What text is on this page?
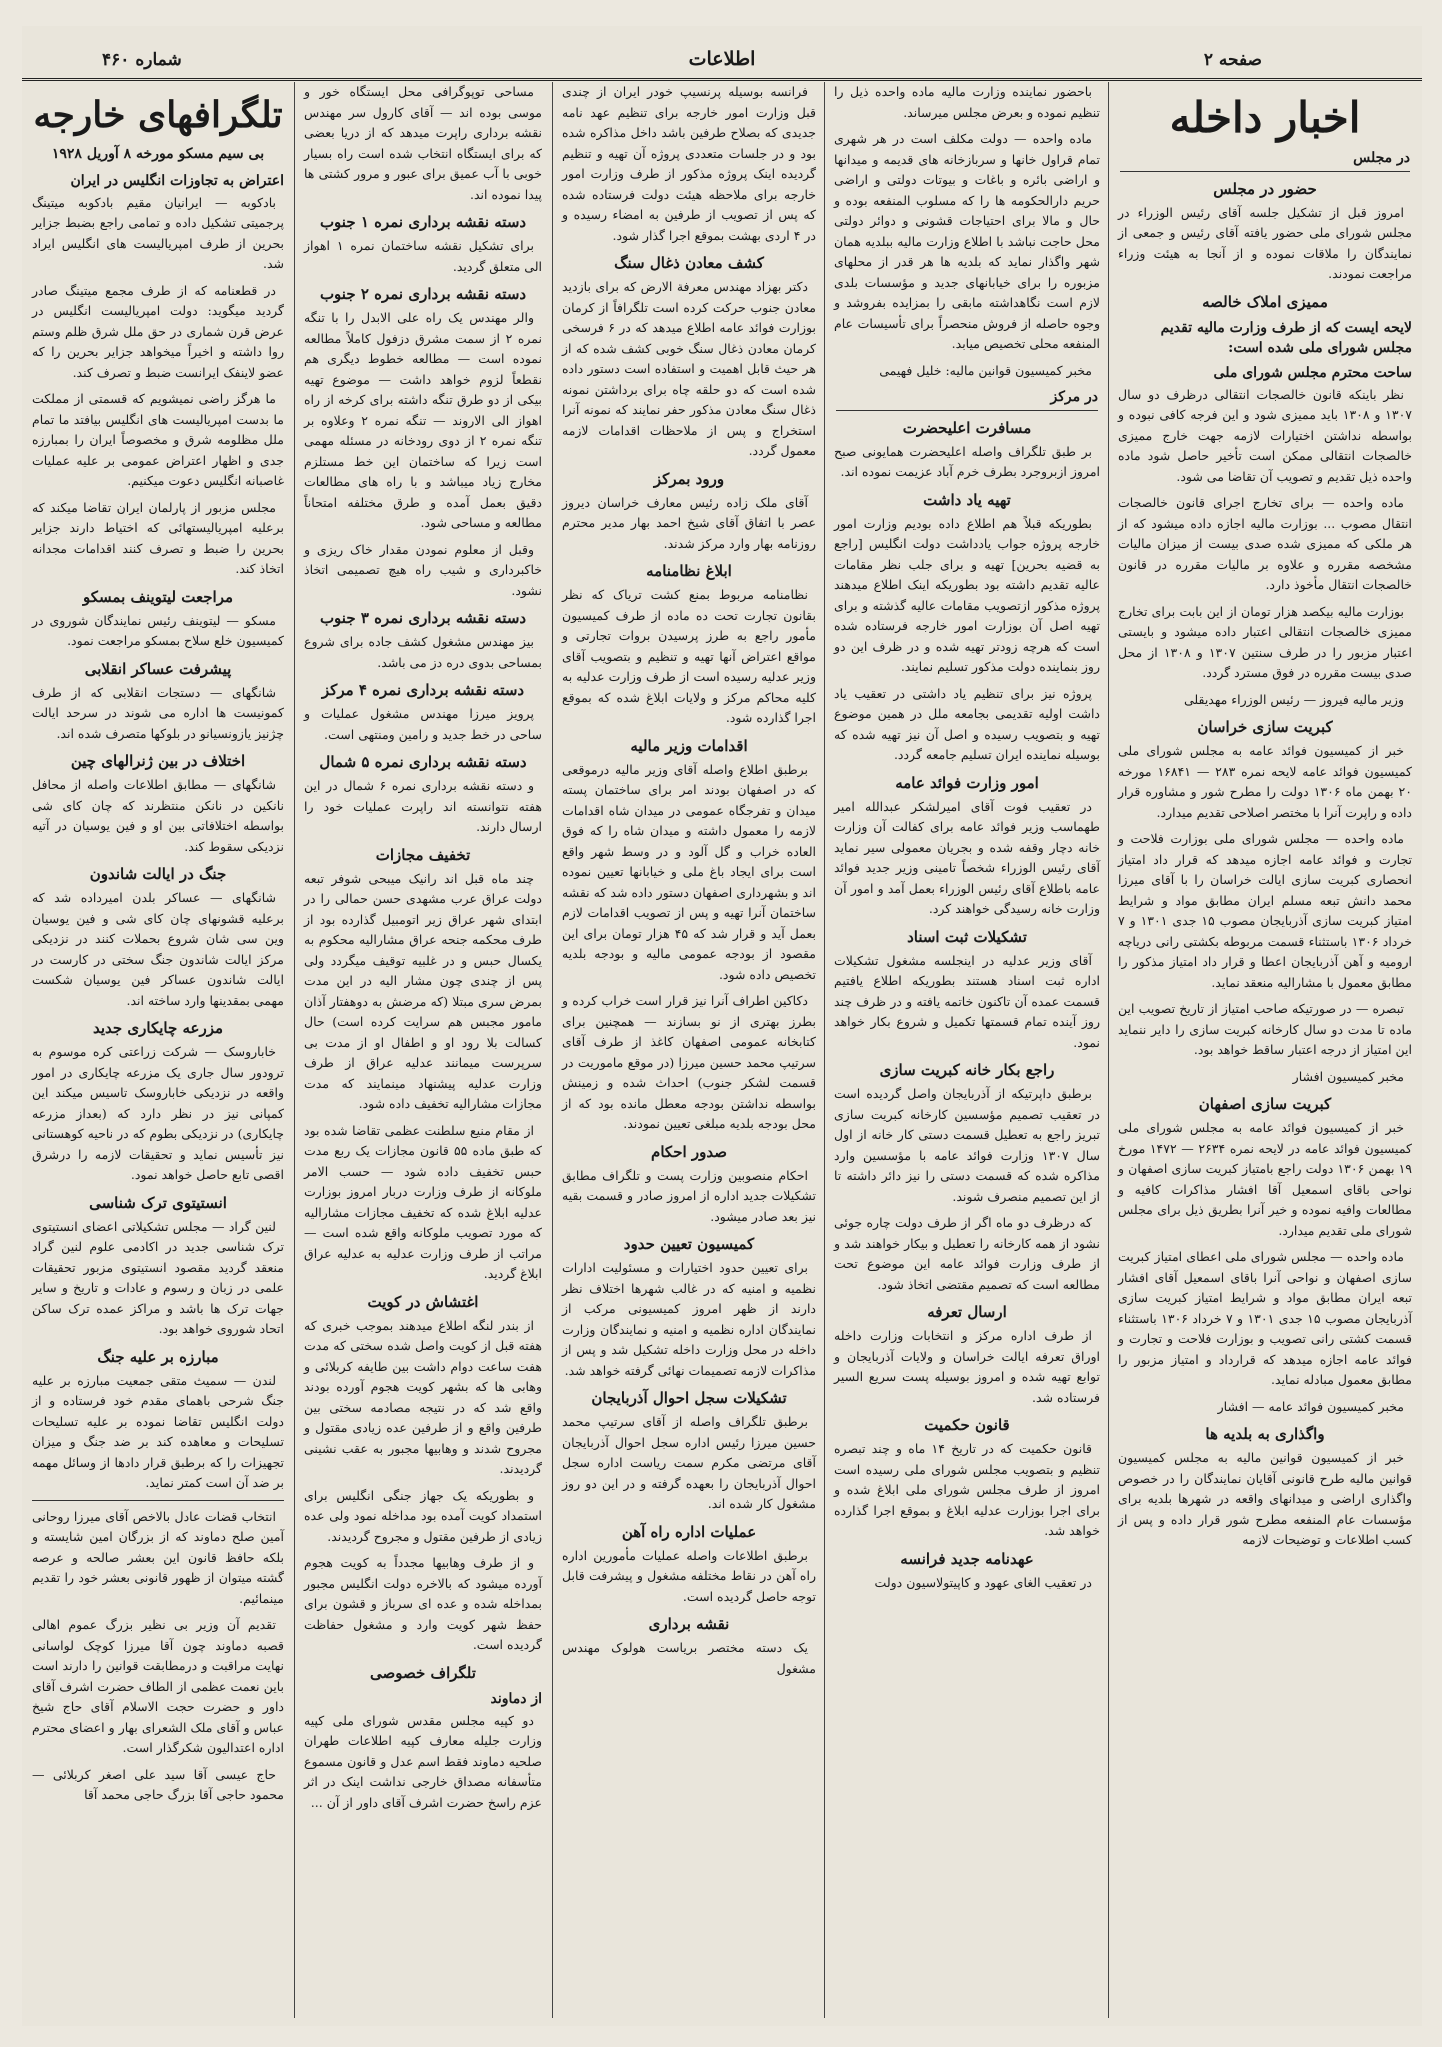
شماره ۴۶۰	اطلاعات	صفحه ۲
اخبار داخله
در مجلس
حضور در مجلس

امروز قبل از تشکیل جلسه آقای رئیس الوزراء در مجلس شورای ملی حضور یافته آقای رئیس و جمعی از نمایندگان را ملاقات نموده و از آنجا به هیئت وزراء مراجعت نمودند.

ممیزی املاک خالصه
لایحه ایست که از طرف وزارت مالیه تقدیم مجلس شورای ملی شده است:
ساحت محترم مجلس شورای ملی

نظر باینکه قانون خالصجات انتقالی درظرف دو سال ۱۳۰۷ و ۱۳۰۸ باید ممیزی شود و این فرجه کافی نبوده و بواسطه نداشتن اختیارات لازمه جهت خارج ممیزی خالصجات انتقالی ممکن است تأخیر حاصل شود ماده واحده ذیل تقدیم و تصویب آن تقاضا می شود.

ماده واحده — برای تخارج اجرای قانون خالصجات انتقال مصوب ... بوزارت مالیه اجازه داده میشود که از هر ملکی که ممیزی شده صدی بیست از میزان مالیات مشخصه مقرره و علاوه بر مالیات مقرره در قانون خالصجات انتقال مأخوذ دارد.

بوزارت مالیه بیکصد هزار تومان از این بابت برای تخارج ممیزی خالصجات انتقالی اعتبار داده میشود و بایستی اعتبار مزبور را در طرف سنتین ۱۳۰۷ و ۱۳۰۸ از محل صدی بیست مقرره در فوق مسترد گردد.

وزیر مالیه فیروز — رئیس الوزراء مهدیقلی

کبریت سازی خراسان

خبر از کمیسیون فوائد عامه به مجلس شورای ملی کمیسیون فوائد عامه لایحه نمره ۲۸۳ — ۱۶۸۴۱ مورخه ۲۰ بهمن ماه ۱۳۰۶ دولت را مطرح شور و مشاوره قرار داده و راپرت آنرا با مختصر اصلاحی تقدیم میدارد.

ماده واحده — مجلس شورای ملی بوزارت فلاحت و تجارت و فوائد عامه اجازه میدهد که قرار داد امتیاز انحصاری کبریت سازی ایالت خراسان را با آقای میرزا محمد دانش تبعه مسلم ایران مطابق مواد و شرایط امتیاز کبریت سازی آذربایجان مصوب ۱۵ جدی ۱۳۰۱ و ۷ خرداد ۱۳۰۶ باستثناء قسمت مربوطه بکشتی رانی دریاچه ارومیه و آهن آذربایجان اعطا و قرار داد امتیاز مذکور را مطابق معمول با مشارالیه منعقد نماید.

تبصره — در صورتیکه صاحب امتیاز از تاریخ تصویب این ماده تا مدت دو سال کارخانه کبریت سازی را دایر ننماید این امتیاز از درجه اعتبار ساقط خواهد بود.

مخبر کمیسیون افشار

کبریت سازی اصفهان

خبر از کمیسیون فوائد عامه به مجلس شورای ملی کمیسیون فوائد عامه در لایحه نمره ۲۶۳۴ — ۱۴۷۲ مورخ ۱۹ بهمن ۱۳۰۶ دولت راجع بامتیاز کبریت سازی اصفهان و نواحی باقای اسمعیل آقا افشار مذاکرات کافیه و مطالعات وافیه نموده و خیر آنرا بطریق ذیل برای مجلس شورای ملی تقدیم میدارد.

ماده واحده — مجلس شورای ملی اعطای امتیاز کبریت سازی اصفهان و نواحی آنرا باقای اسمعیل آقای افشار تبعه ایران مطابق مواد و شرایط امتیاز کبریت سازی آذربایجان مصوب ۱۵ جدی ۱۳۰۱ و ۷ خرداد ۱۳۰۶ باستثناء قسمت کشتی رانی تصویب و بوزارت فلاحت و تجارت و فوائد عامه اجازه میدهد که قرارداد و امتیاز مزبور را مطابق معمول مبادله نماید.

مخبر کمیسیون فوائد عامه — افشار

واگذاری به بلدیه ها

خبر از کمیسیون قوانین مالیه به مجلس کمیسیون قوانین مالیه طرح قانونی آقایان نمایندگان را در خصوص واگذاری اراضی و میدانهای واقعه در شهرها بلدیه برای مؤسسات عام المنفعه مطرح شور قرار داده و پس از کسب اطلاعات و توضیحات لازمه

باحضور نماینده وزارت مالیه ماده واحده ذیل را تنظیم نموده و بعرض مجلس میرساند.

ماده واحده — دولت مکلف است در هر شهری تمام قراول خانها و سربازخانه های قدیمه و میدانها و اراضی بائره و باغات و بیوتات دولتی و اراضی حریم دارالحکومه ها را که مسلوب المنفعه بوده و حال و مالا برای احتیاجات قشونی و دوائر دولتی محل حاجت نباشد با اطلاع وزارت مالیه ببلدیه همان شهر واگذار نماید که بلدیه ها هر قدر از محلهای مزبوره را برای خیابانهای جدید و مؤسسات بلدی لازم است نگاهداشته مابقی را بمزایده بفروشد و وجوه حاصله از فروش منحصراً برای تأسیسات عام المنفعه محلی تخصیص میابد.

مخبر کمیسیون قوانین مالیه: خلیل فهیمی

در مرکز
مسافرت اعلیحضرت

بر طبق تلگراف واصله اعلیحضرت همایونی صبح امروز ازبروجرد بطرف خرم آباد عزیمت نموده اند.

تهیه یاد داشت

بطوریکه قبلاً هم اطلاع داده بودیم وزارت امور خارجه پروژه جواب یادداشت دولت انگلیس [راجع به قضیه بحرین] تهیه و برای جلب نظر مقامات عالیه تقدیم داشته بود بطوریکه اینک اطلاع میدهند پروژه مذکور ازتصویب مقامات عالیه گذشته و برای تهیه اصل آن بوزارت امور خارجه فرستاده شده است که هرچه زودتر تهیه شده و در ظرف این دو روز بنماینده دولت مذکور تسلیم نمایند.

پروژه نیز برای تنظیم یاد داشتی در تعقیب یاد داشت اولیه تقدیمی بجامعه ملل در همین موضوع تهیه و بتصویب رسیده و اصل آن نیز تهیه شده که بوسیله نماینده ایران تسلیم جامعه گردد.

امور وزارت فوائد عامه

در تعقیب فوت آقای امیرلشکر عبدالله امیر طهماسب وزیر فوائد عامه برای کفالت آن وزارت خانه دچار وقفه شده و بجریان معمولی سیر نماید آقای رئیس الوزراء شخصاً تامینی وزیر جدید فوائد عامه باطلاع آقای رئیس الوزراء بعمل آمد و امور آن وزارت خانه رسیدگی خواهند کرد.

تشکیلات ثبت اسناد

آقای وزیر عدلیه در اینجلسه مشغول تشکیلات اداره ثبت اسناد هستند بطوریکه اطلاع یافتیم قسمت عمده آن تاکنون خاتمه یافته و در ظرف چند روز آینده تمام قسمتها تکمیل و شروع بکار خواهد نمود.

راجع بکار خانه کبریت سازی

برطبق داپرتیکه از آذربایجان واصل گردیده است در تعقیب تصمیم مؤسسین کارخانه کبریت سازی تبریز راجع به تعطیل قسمت دستی کار خانه از اول سال ۱۳۰۷ وزارت فوائد عامه با مؤسسین وارد مذاکره شده که قسمت دستی را نیز دائر داشته تا از این تصمیم منصرف شوند.

که درظرف دو ماه اگر از طرف دولت چاره جوئی نشود از همه کارخانه را تعطیل و بیکار خواهند شد و از طرف وزارت فوائد عامه این موضوع تحت مطالعه است که تصمیم مقتضی اتخاذ شود.

ارسال تعرفه

از طرف اداره مرکز و انتخابات وزارت داخله اوراق تعرفه ایالت خراسان و ولایات آذربایجان و توابع تهیه شده و امروز بوسیله پست سریع السیر فرستاده شد.

قانون حکمیت

قانون حکمیت که در تاریخ ۱۴ ماه و چند تبصره تنظیم و بتصویب مجلس شورای ملی رسیده است امروز از طرف مجلس شورای ملی ابلاغ شده و برای اجرا بوزارت عدلیه ابلاغ و بموقع اجرا گذارده خواهد شد.

عهدنامه جدید فرانسه

در تعقیب الغای عهود و کاپیتولاسیون دولت

فرانسه بوسیله پرنسیپ خودر ایران از چندی قبل وزارت امور خارجه برای تنظیم عهد نامه جدیدی که بصلاح طرفین باشد داخل مذاکره شده بود و در جلسات متعددی پروژه آن تهیه و تنظیم گردیده اینک پروژه مذکور از طرف وزارت امور خارجه برای ملاحظه هیئت دولت فرستاده شده که پس از تصویب از طرفین به امضاء رسیده و در ۴ اردی بهشت بموقع اجرا گذار شود.

کشف معادن ذغال سنگ

دکتر بهزاد مهندس معرفة الارض که برای بازدید معادن جنوب حرکت کرده است تلگرافاً از کرمان بوزارت فوائد عامه اطلاع میدهد که در ۶ فرسخی کرمان معادن ذغال سنگ خوبی کشف شده که از هر حیث قابل اهمیت و استفاده است دستور داده شده است که دو حلقه چاه برای برداشتن نمونه ذغال سنگ معادن مذکور حفر نمایند که نمونه آنرا استخراج و پس از ملاحظات اقدامات لازمه معمول گردد.

ورود بمرکز

آقای ملک زاده رئیس معارف خراسان دیروز عصر با اتفاق آقای شیخ احمد بهار مدیر محترم روزنامه بهار وارد مرکز شدند.

ابلاغ نظامنامه

نظامنامه مربوط بمنع کشت تریاک که نظر بقانون تجارت تحت ده ماده از طرف کمیسیون مأمور راجع به طرز پرسیدن بروات تجارتی و مواقع اعتراض آنها تهیه و تنظیم و بتصویب آقای وزیر عدلیه رسیده است از طرف وزارت عدلیه به کلیه محاکم مرکز و ولایات ابلاغ شده که بموقع اجرا گذارده شود.

اقدامات وزیر مالیه

برطبق اطلاع واصله آقای وزیر مالیه درموقعی که در اصفهان بودند امر برای ساختمان پسته میدان و تفرجگاه عمومی در میدان شاه اقدامات لازمه را معمول داشته و میدان شاه را که فوق العاده خراب و گل آلود و در وسط شهر واقع است برای ایجاد باغ ملی و خیابانها تعیین نموده اند و بشهرداری اصفهان دستور داده شد که نقشه ساختمان آنرا تهیه و پس از تصویب اقدامات لازم بعمل آید و قرار شد که ۴۵ هزار تومان برای این مقصود از بودجه عمومی مالیه و بودجه بلدیه تخصیص داده شود.

دکاکین اطراف آنرا نیز قرار است خراب کرده و بطرز بهتری از نو بسازند — همچنین برای کتابخانه عمومی اصفهان کاغذ از طرف آقای سرتیپ محمد حسین میرزا (در موقع ماموریت در قسمت لشکر جنوب) احداث شده و زمینش بواسطه نداشتن بودجه معطل مانده بود که از محل بودجه بلدیه مبلغی تعیین نمودند.

صدور احکام

احکام منصوبین وزارت پست و تلگراف مطابق تشکیلات جدید اداره از امروز صادر و قسمت بقیه نیز بعد صادر میشود.

کمیسیون تعیین حدود

برای تعیین حدود اختیارات و مسئولیت ادارات نظمیه و امنیه که در غالب شهرها اختلاف نظر دارند از ظهر امروز کمیسیونی مرکب از نمایندگان اداره نظمیه و امنیه و نمایندگان وزارت داخله در محل وزارت داخله تشکیل شد و پس از مذاکرات لازمه تصمیمات نهائی گرفته خواهد شد.

تشکیلات سجل احوال آذربایجان

برطبق تلگراف واصله از آقای سرتیپ محمد حسین میرزا رئیس اداره سجل احوال آذربایجان آقای مرتضی مکرم سمت ریاست اداره سجل احوال آذربایجان را بعهده گرفته و در این دو روز مشغول کار شده اند.

عملیات اداره راه آهن

برطبق اطلاعات واصله عملیات مأمورین اداره راه آهن در نقاط مختلفه مشغول و پیشرفت قابل توجه حاصل گردیده است.

نقشه برداری

یک دسته مختصر بریاست هولوک مهندس مشغول

مساحی توپوگرافی محل ایستگاه خور و موسی بوده اند — آقای کارول سر مهندس نقشه برداری راپرت میدهد که از دریا بعضی که برای ایستگاه انتخاب شده است راه بسیار خوبی با آب عمیق برای عبور و مرور کشتی ها پیدا نموده اند.

دسته نقشه برداری نمره ۱ جنوب

برای تشکیل نقشه ساختمان نمره ۱ اهواز الی متعلق گردید.

دسته نقشه برداری نمره ۲ جنوب

والر مهندس یک راه علی الابدل را با تنگه نمره ۲ از سمت مشرق دزفول کاملاً مطالعه نموده است — مطالعه خطوط دیگری هم نقطعاً لزوم خواهد داشت — موضوع تهیه بیکی از دو طرق تنگه داشته برای کرخه از راه اهواز الی الاروند — تنگه نمره ۲ وعلاوه بر تنگه نمره ۲ از دوی رودخانه در مسئله مهمی است زیرا که ساختمان این خط مستلزم مخارج زیاد میباشد و با راه های مطالعات دقیق بعمل آمده و طرق مختلفه امتحاناً مطالعه و مساحی شود.

وقبل از معلوم نمودن مقدار خاک ریزی و خاکبرداری و شیب راه هیچ تصمیمی اتخاذ نشود.

دسته نقشه برداری نمره ۳ جنوب

بیز مهندس مشغول کشف جاده برای شروع بمساحی بدوی دره دز می باشد.

دسته نقشه برداری نمره ۴ مرکز

پرویز میرزا مهندس مشغول عملیات و ساحی در خط جدید و رامین ومنتهی است.

دسته نقشه برداری نمره ۵ شمال

و دسته نقشه برداری نمره ۶ شمال در این هفته نتوانسته اند راپرت عملیات خود را ارسال دارند.

تخفیف مجازات

چند ماه قبل اند رانیک میبحی شوفر تبعه دولت عراق عرب مشهدی حسن حمالی را در ابتدای شهر عراق زیر اتومبیل گذارده بود از طرف محکمه جنحه عراق مشارالیه محکوم به یکسال حبس و در غلبیه توقیف میگردد ولی پس از چندی چون مشار الیه در این مدت بمرض سری مبتلا (که مرضش به دوهفتار آذان مامور مجبس هم سرایت کرده است) حال کسالت بلا رود او و اطفال او از مدت بی سرپرست میمانند عدلیه عراق از طرف وزارت عدلیه پیشنهاد مینمایند که مدت مجازات مشارالیه تخفیف داده شود.

از مقام منیع سلطنت عظمی تقاضا شده بود که طبق ماده ۵۵ قانون مجازات یک ربع مدت حبس تخفیف داده شود — حسب الامر ملوکانه از طرف وزارت دربار امروز بوزارت عدلیه ابلاغ شده که تخفیف مجازات مشارالیه که مورد تصویب ملوکانه واقع شده است — مراتب از طرف وزارت عدلیه به عدلیه عراق ابلاغ گردید.

اغتشاش در کویت

از بندر لنگه اطلاع میدهند بموجب خبری که هفته قبل از کویت واصل شده سختی که مدت هفت ساعت دوام داشت بین طایفه کربلائی و وهابی ها که بشهر کویت هجوم آورده بودند واقع شد که در نتیجه مصادمه سختی بین طرفین واقع و از طرفین عده زیادی مقتول و مجروح شدند و وهابیها مجبور به عقب نشینی گردیدند.

و بطوریکه یک جهاز جنگی انگلیس برای استمداد کویت آمده بود مداخله نمود ولی عده زیادی از طرفین مقتول و مجروح گردیدند.

و از طرف وهابیها مجدداً به کویت هجوم آورده میشود که بالاخره دولت انگلیس مجبور بمداخله شده و عده ای سرباز و قشون برای حفظ شهر کویت وارد و مشغول حفاظت گردیده است.

تلگراف خصوصی
از دماوند

دو کپیه مجلس مقدس شورای ملی کپیه وزارت جلیله معارف کپیه اطلاعات طهران صلحیه دماوند فقط اسم عدل و قانون مسموع متأسفانه مصداق خارجی نداشت اینک در اثر عزم راسخ حضرت اشرف آقای داور از آن ...

تلگرافهای خارجه
بی سیم مسکو مورخه ۸ آوریل ۱۹۲۸
اعتراض به تجاوزات انگلیس در ایران

بادکوبه — ایرانیان مقیم بادکوبه میتینگ پرجمیتی تشکیل داده و تمامی راجع بضبط جزایر بحرین از طرف امپریالیست های انگلیس ایراد شد.

در قطعنامه که از طرف مجمع میتینگ صادر گردید میگوید: دولت امپریالیست انگلیس در عرض قرن شماری در حق ملل شرق ظلم وستم روا داشته و اخیراً میخواهد جزایر بحرین را که عضو لاینفک ایرانست ضبط و تصرف کند.

ما هرگز راضی نمیشویم که قسمتی از مملکت ما بدست امپریالیست های انگلیس بیافتد ما تمام ملل مظلومه شرق و مخصوصاً ایران را بمبارزه جدی و اظهار اعتراض عمومی بر علیه عملیات غاصبانه انگلیس دعوت میکنیم.

مجلس مزبور از پارلمان ایران تقاضا میکند که برعلیه امپریالیستهائی که اختیاط دارند جزایر بحرین را ضبط و تصرف کنند اقدامات مجدانه اتخاذ کند.

مراجعت لیتوینف بمسکو

مسکو — لیتوینف رئیس نمایندگان شوروی در کمیسیون خلع سلاح بمسکو مراجعت نمود.

پیشرفت عساکر انقلابی

شانگهای — دستجات انقلابی که از طرف کمونیست ها اداره می شوند در سرحد ایالت چژنیز یازونسیانو در بلوکها متصرف شده اند.

اختلاف در بین ژنرالهای چین

شانگهای — مطابق اطلاعات واصله از محافل نانکین در نانکن منتظرند که چان کای شی بواسطه اختلافاتی بین او و فین یوسیان در آتیه نزدیکی سقوط کند.

جنگ در ایالت شاندون

شانگهای — عساکر بلدن امیرداده شد که برعلیه قشونهای چان کای شی و فین یوسیان وین سی شان شروع بحملات کنند در نزدیکی مرکز ایالت شاندون جنگ سختی در کارست در ایالت شاندون عساکر فین یوسیان شکست مهمی بمقدینها وارد ساخته اند.

مزرعه چایکاری جدید

خاباروسک — شرکت زراعتی کره موسوم به ترودور سال جاری یک مزرعه چایکاری در امور واقعه در نزدیکی خاباروسک تاسیس میکند این کمپانی نیز در نظر دارد که (بعداز مزرعه چایکاری) در نزدیکی بطوم که در ناحیه کوهستانی نیز تأسیس نماید و تحقیقات لازمه را درشرق اقصی تابع حاصل خواهد نمود.

انستیتوی ترک شناسی

لنین گراد — مجلس تشکیلاتی اعضای انستیتوی ترک شناسی جدید در اکادمی علوم لنین گراد منعقد گردید مقصود انستیتوی مزبور تحقیقات علمی در زبان و رسوم و عادات و تاریخ و سایر جهات ترک ها باشد و مراکز عمده ترک ساکن اتحاد شوروی خواهد بود.

مبارزه بر علیه جنگ

لندن — سمیث متقی جمعیت مبارزه بر علیه جنگ شرحی باهمای مقدم خود فرستاده و از دولت انگلیس تقاضا نموده بر علیه تسلیحات تسلیحات و معاهده کند بر ضد جنگ و میزان تجهیزات را که برطبق قرار دادها از وسائل مهمه بر ضد آن است کمتر نماید.

انتخاب قضات عادل بالاخص آقای میرزا روحانی آمین صلح دماوند که از بزرگان امین شایسته و بلکه حافظ قانون این بعشر صالحه و عرصه گشته میتوان از ظهور قانونی بعشر خود را تقدیم مینمائیم.

تقدیم آن وزیر بی نظیر بزرگ عموم اهالی قصبه دماوند چون آقا میرزا کوچک لواسانی نهایت مراقبت و درمطابقت قوانین را دارند است باین نعمت عظمی از الطاف حضرت اشرف آقای داور و حضرت حجت الاسلام آقای حاج شیخ عباس و آقای ملک الشعرای بهار و اعضای محترم اداره اعتدالیون شکرگذار است.

حاج عیسی آقا سید علی اصغر کربلائی — محمود حاجی آقا بزرگ حاجی محمد آقا
